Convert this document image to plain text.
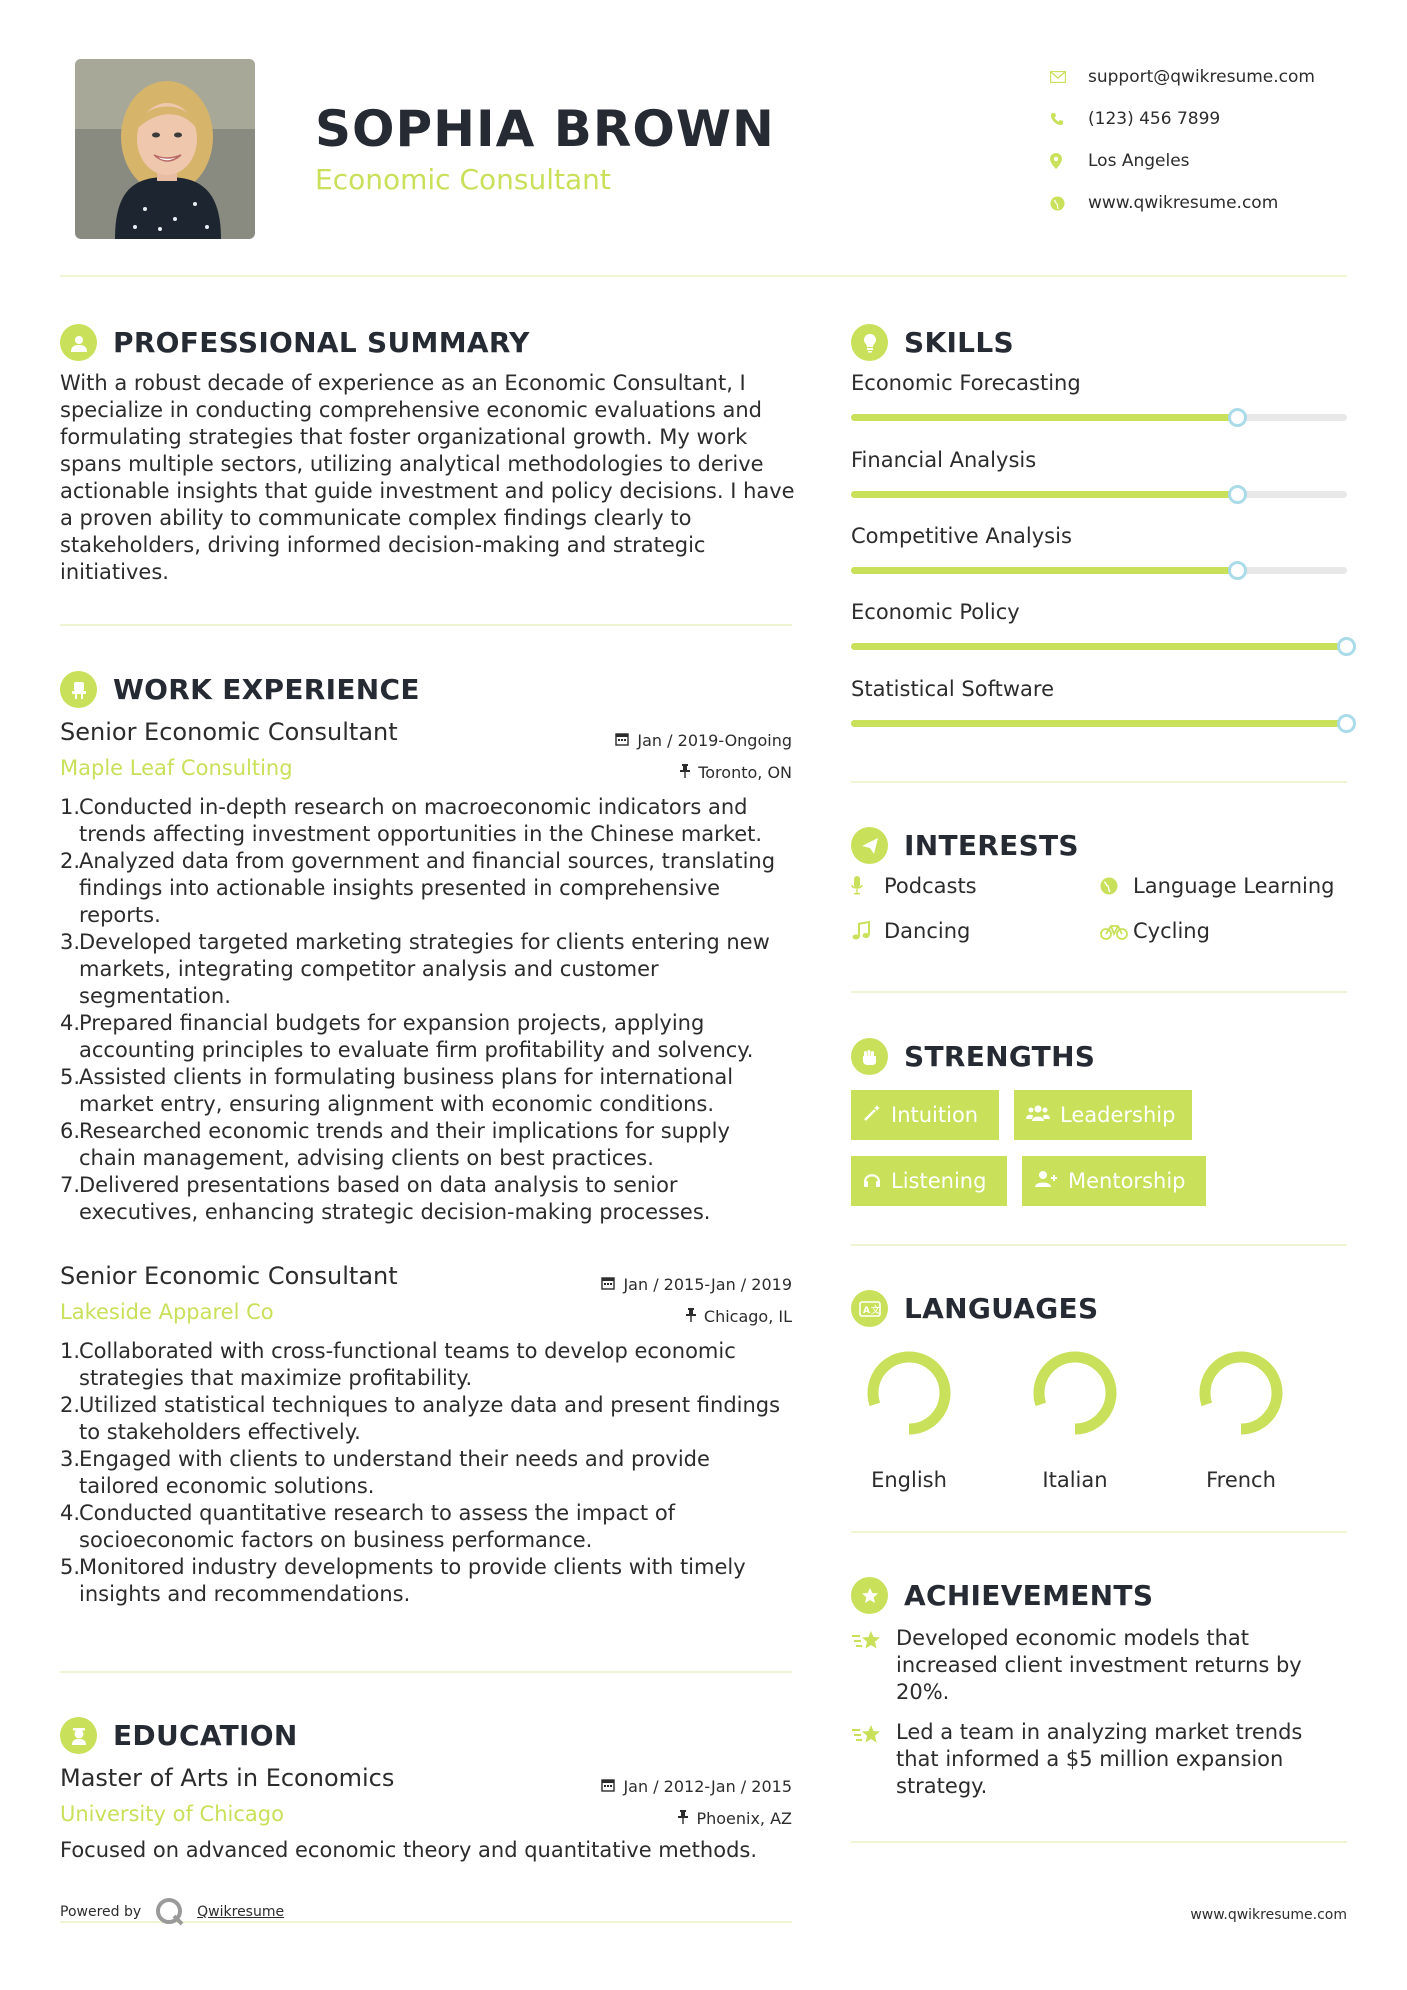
SOPHIA BROWN
Economic Consultant
support@qwikresume.com
(123) 456 7899
Los Angeles
www.qwikresume.com
PROFESSIONAL SUMMARY
With a robust decade of experience as an Economic Consultant, I specialize in conducting comprehensive economic evaluations and formulating strategies that foster organizational growth. My work spans multiple sectors, utilizing analytical methodologies to derive actionable insights that guide investment and policy decisions. I have a proven ability to communicate complex findings clearly to stakeholders, driving informed decision-making and strategic initiatives.
WORK EXPERIENCE
Senior Economic Consultant	Jan / 2019-Ongoing
Toronto, ON
Maple Leaf Consulting
1.Conducted in-depth research on macroeconomic indicators and trends affecting investment opportunities in the Chinese market.
2.Analyzed data from government and financial sources, translating findings into actionable insights presented in comprehensive reports.
3.Developed targeted marketing strategies for clients entering new markets, integrating competitor analysis and customer segmentation.
4.Prepared financial budgets for expansion projects, applying accounting principles to evaluate firm profitability and solvency.
5.Assisted clients in formulating business plans for international market entry, ensuring alignment with economic conditions.
6.Researched economic trends and their implications for supply chain management, advising clients on best practices.
7.Delivered presentations based on data analysis to senior executives, enhancing strategic decision-making processes.
Senior Economic Consultant	Jan / 2015-Jan / 2019
Chicago, IL
Lakeside Apparel Co
1.Collaborated with cross-functional teams to develop economic strategies that maximize profitability.
2.Utilized statistical techniques to analyze data and present findings to stakeholders effectively.
3.Engaged with clients to understand their needs and provide tailored economic solutions.
4.Conducted quantitative research to assess the impact of socioeconomic factors on business performance.
5.Monitored industry developments to provide clients with timely insights and recommendations.
EDUCATION
Master of Arts in Economics	Jan / 2012-Jan / 2015
Phoenix, AZ
University of Chicago
Focused on advanced economic theory and quantitative methods.
SKILLS
Economic Forecasting
Financial Analysis
Competitive Analysis
Economic Policy
Statistical Software
INTERESTS
Podcasts	Language Learning
Dancing	Cycling
STRENGTHS
Intuition	Leadership
Listening	Mentorship
A 文 LANGUAGES
English	Italian	French
ACHIEVEMENTS
Developed economic models that increased client investment returns by 20%.
Led a team in analyzing market trends that informed a $5 million expansion strategy.
Powered by	Qwikresume	www.qwikresume.com
